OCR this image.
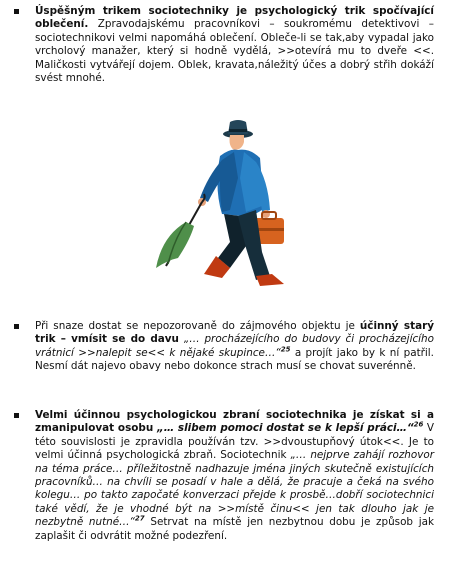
Úspěšným trikem sociotechniky je psychologický trik spočívající oblečení. Zpravodajskému pracovníkovi – soukromému detektivovi – sociotechnikovi velmi napomáhá oblečení. Obleče-li se tak,aby vypadal jako vrcholový manažer, který si hodně vydělá, >>otevírá mu to dveře <<. Maličkosti vytvářejí dojem. Oblek, kravata,náležitý účes a dobrý střih dokáží svést mnohé.
Při snaze dostat se nepozorovaně do zájmového objektu je účinný starý trik – vmísit se do davu „… procházejícího do budovy či procházejícího vrátnicí >>nalepit se<< k nějaké skupince…“$^{25}$ a projít jako by k ní patřil. Nesmí dát najevo obavy nebo dokonce strach musí se chovat suverénně.
Velmi účinnou psychologickou zbraní sociotechnika je získat si a zmanipulovat osobu „… slibem pomoci dostat se k lepší práci…“$^{26}$ V této souvislosti je zpravidla používán tzv. >>dvoustupňový útok<<. Je to velmi účinná psychologická zbraň. Sociotechnik „… nejprve zahájí rozhovor na téma práce… příležitostně nadhazuje jména jiných skutečně existujících pracovníků… na chvíli se posadí v hale a dělá, že pracuje a čeká na svého kolegu… po takto započaté konverzaci přejde k prosbě…dobří sociotechnici také vědí, že je vhodné být na >>místě činu<< jen tak dlouho jak je nezbytně nutné…“$^{27}$ Setrvat na místě jen nezbytnou dobu je způsob jak zaplašit či odvrátit možné podezření.
